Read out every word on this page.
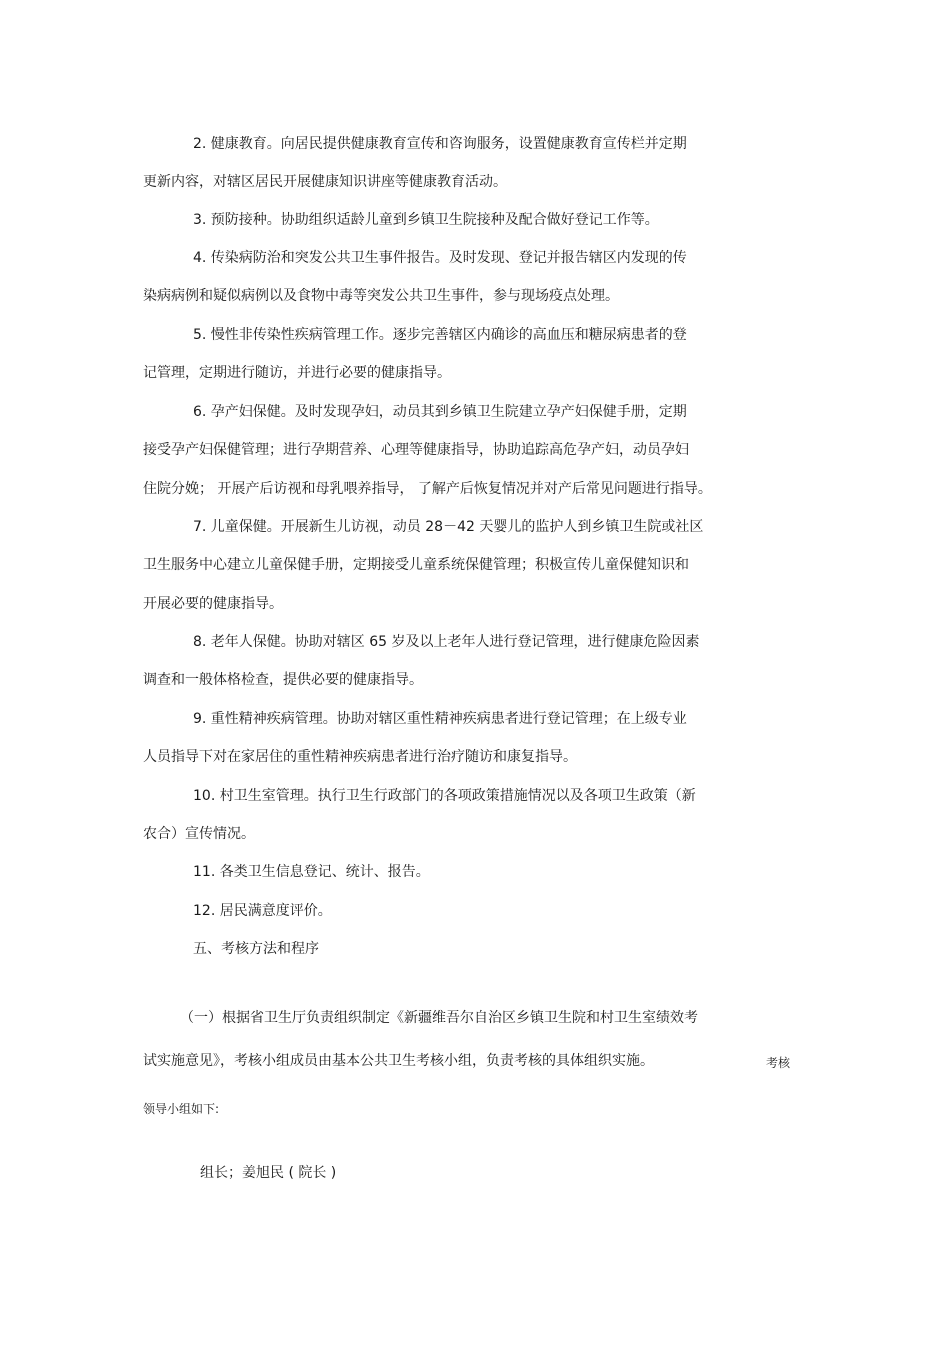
2. 健康教育。向居民提供健康教育宣传和咨询服务，设置健康教育宣传栏并定期

更新内容，对辖区居民开展健康知识讲座等健康教育活动。

3. 预防接种。协助组织适龄儿童到乡镇卫生院接种及配合做好登记工作等。

4. 传染病防治和突发公共卫生事件报告。及时发现、登记并报告辖区内发现的传

染病病例和疑似病例以及食物中毒等突发公共卫生事件，参与现场疫点处理。

5. 慢性非传染性疾病管理工作。逐步完善辖区内确诊的高血压和糖尿病患者的登

记管理，定期进行随访，并进行必要的健康指导。

6. 孕产妇保健。及时发现孕妇，动员其到乡镇卫生院建立孕产妇保健手册，定期

接受孕产妇保健管理；进行孕期营养、心理等健康指导，协助追踪高危孕产妇，动员孕妇

住院分娩； 开展产后访视和母乳喂养指导， 了解产后恢复情况并对产后常见问题进行指导。

7. 儿童保健。开展新生儿访视，动员 28－42 天婴儿的监护人到乡镇卫生院或社区

卫生服务中心建立儿童保健手册，定期接受儿童系统保健管理；积极宣传儿童保健知识和

开展必要的健康指导。

8. 老年人保健。协助对辖区 65 岁及以上老年人进行登记管理，进行健康危险因素

调查和一般体格检查，提供必要的健康指导。

9. 重性精神疾病管理。协助对辖区重性精神疾病患者进行登记管理；在上级专业

人员指导下对在家居住的重性精神疾病患者进行治疗随访和康复指导。

10. 村卫生室管理。执行卫生行政部门的各项政策措施情况以及各项卫生政策（新

农合）宣传情况。

11. 各类卫生信息登记、统计、报告。

12. 居民满意度评价。

五、考核方法和程序

（一）根据省卫生厅负责组织制定《新疆维吾尔自治区乡镇卫生院和村卫生室绩效考

试实施意见》，考核小组成员由基本公共卫生考核小组，负责考核的具体组织实施。	考核

领导小组如下:

组长；姜旭民 ( 院长 )
